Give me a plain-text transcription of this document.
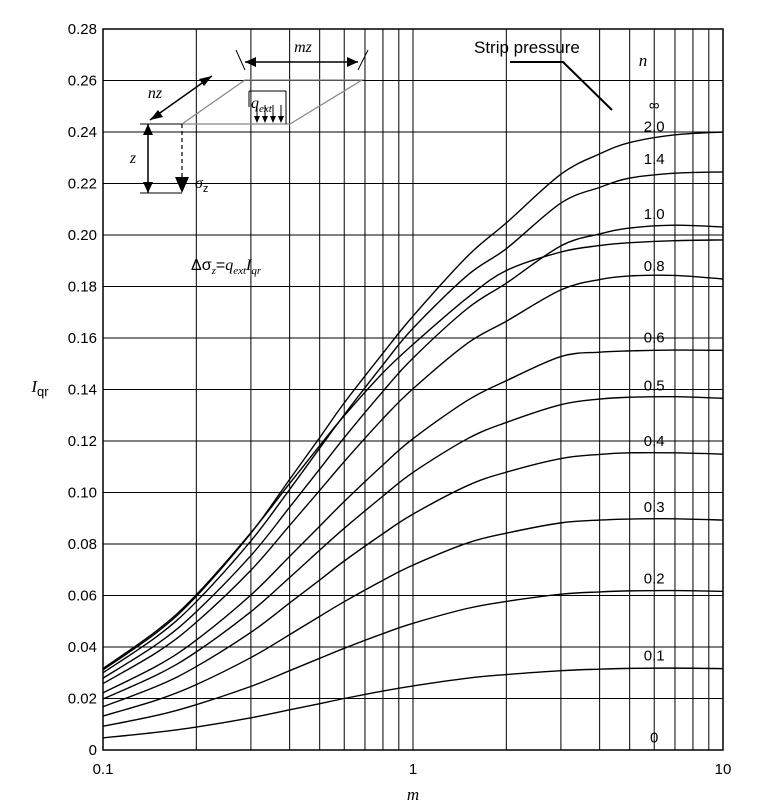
∞
2.0
1.4
1.0
0.8
0.6
0.5
0.4
0.3
0.2
0.1
0
0
0.02
0.04
0.06
0.08
0.10
0.12
0.14
0.16
0.18
0.20
0.22
0.24
0.26
0.28
0.1	1	10
m
$I_{qr}$
n
Strip pressure
mz
nz
z
$\sigma_z$
$q_{ext}$
$\Delta\sigma_z=q_{ext}I_{qr}$
